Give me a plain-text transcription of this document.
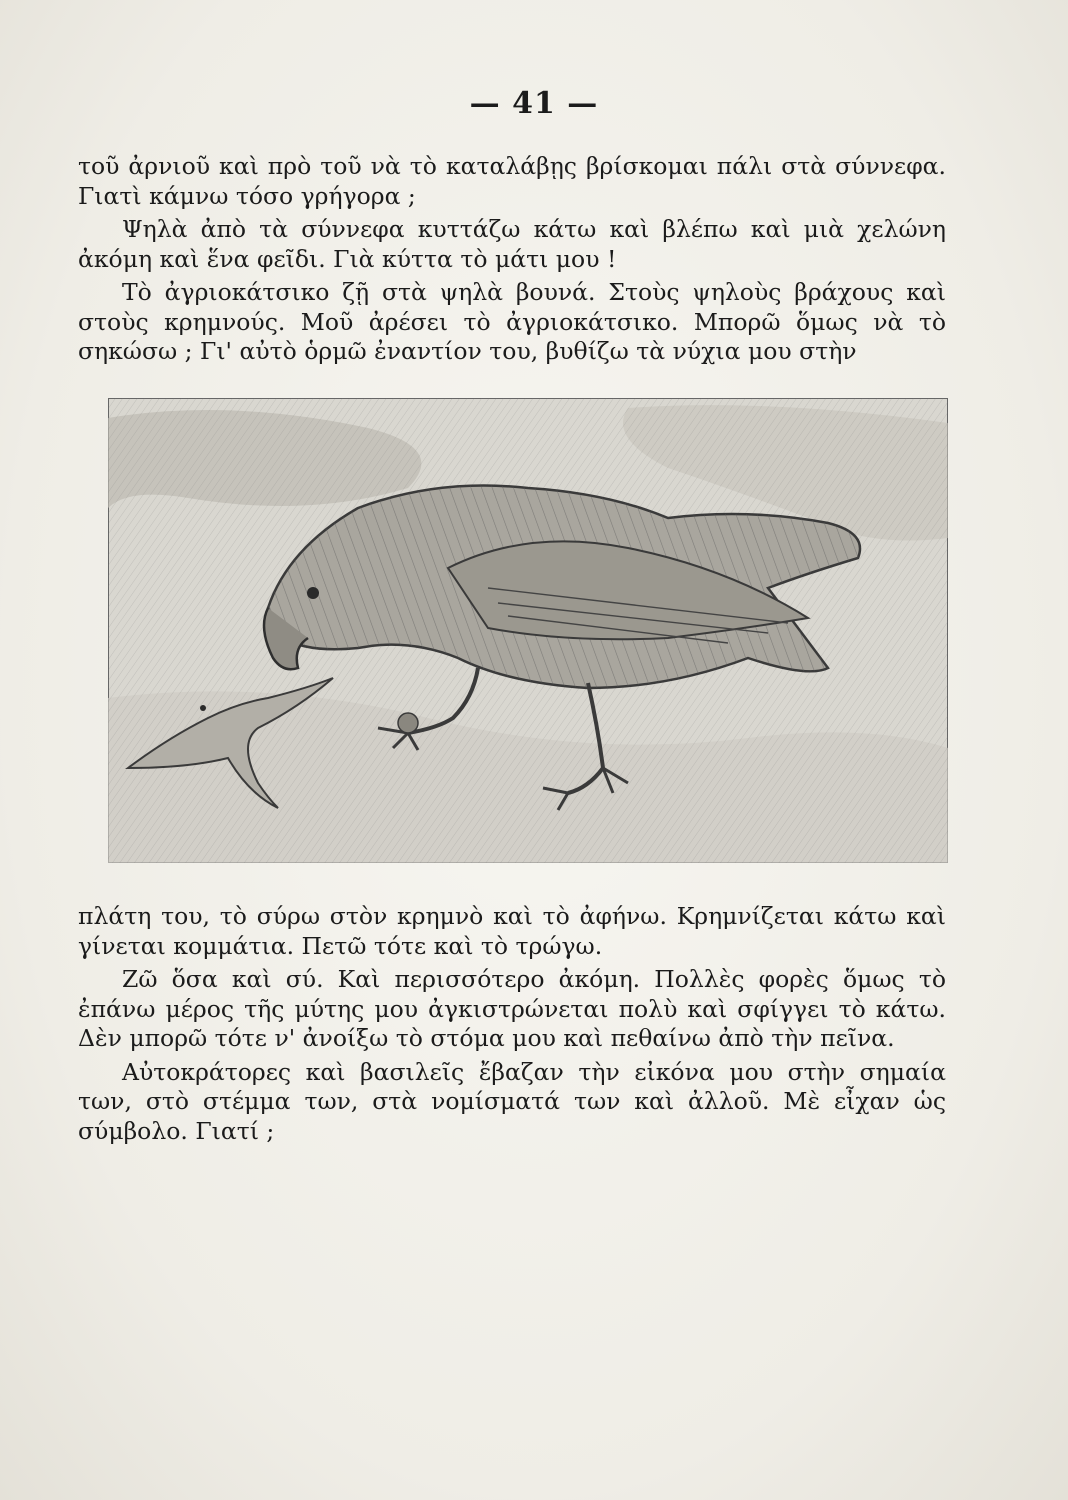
— 41 —

τοῦ ἀρνιοῦ καὶ πρὸ τοῦ νὰ τὸ καταλάβῃς βρίσκομαι πάλι στὰ σύννεφα. Γιατὶ κάμνω τόσο γρήγορα ;

Ψηλὰ ἀπὸ τὰ σύννεφα κυττάζω κάτω καὶ βλέπω καὶ μιὰ χελώνη ἀκόμη καὶ ἕνα φεῖδι. Γιὰ κύττα τὸ μάτι μου !

Τὸ ἀγριοκάτσικο ζῇ στὰ ψηλὰ βουνά. Στοὺς ψηλοὺς βράχους καὶ στοὺς κρημνούς. Μοῦ ἀρέσει τὸ ἀγριοκάτσικο. Μπορῶ ὅμως νὰ τὸ σηκώσω ; Γι' αὐτὸ ὁρμῶ ἐναντίον του, βυθίζω τὰ νύχια μου στὴν

πλάτη του, τὸ σύρω στὸν κρημνὸ καὶ τὸ ἀφήνω. Κρημνίζεται κάτω καὶ γίνεται κομμάτια. Πετῶ τότε καὶ τὸ τρώγω.

Ζῶ ὅσα καὶ σύ. Καὶ περισσότερο ἀκόμη. Πολλὲς φορὲς ὅμως τὸ ἐπάνω μέρος τῆς μύτης μου ἀγκιστρώνεται πολὺ καὶ σφίγγει τὸ κάτω. Δὲν μπορῶ τότε ν' ἀνοίξω τὸ στόμα μου καὶ πεθαίνω ἀπὸ τὴν πεῖνα.

Αὐτοκράτορες καὶ βασιλεῖς ἔβαζαν τὴν εἰκόνα μου στὴν σημαία των, στὸ στέμμα των, στὰ νομίσματά των καὶ ἀλλοῦ. Μὲ εἶχαν ὡς σύμβολο. Γιατί ;
